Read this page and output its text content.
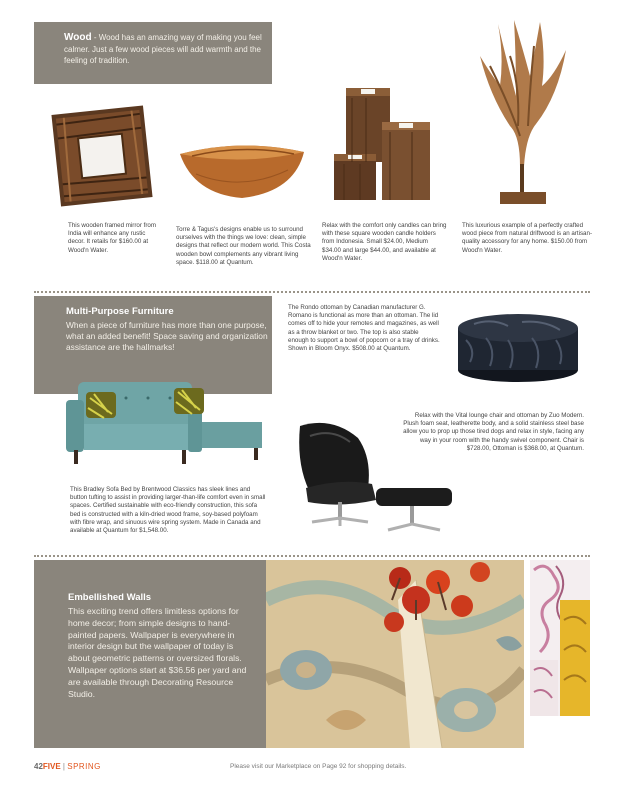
Wood - Wood has an amazing way of making you feel calmer. Just a few wood pieces will add warmth and the feeling of tradition.
This wooden framed mirror from India will enhance any rustic decor. It retails for $160.00 at Wood'n Water.
Torre & Tagus's designs enable us to surround ourselves with the things we love: clean, simple designs that reflect our modern world. This Costa wooden bowl complements any vibrant living space. $118.00 at Quantum.
Relax with the comfort only candles can bring with these square wooden candle holders from Indonesia. Small $24.00, Medium $34.00 and large $44.00, and available at Wood'n Water.
This luxurious example of a perfectly crafted wood piece from natural driftwood is an artisan-quality accessory for any home. $150.00 from Wood'n Water.
Multi-Purpose Furniture
When a piece of furniture has more than one purpose, what an added benefit! Space saving and organization assistance are the hallmarks!
The Rondo ottoman by Canadian manufacturer G. Romano is functional as more than an ottoman. The lid comes off to hide your remotes and magazines, as well as a throw blanket or two. The top is also stable enough to support a bowl of popcorn or a tray of drinks. Shown in Bloom Onyx. $508.00 at Quantum.
Relax with the Vital lounge chair and ottoman by Zuo Modern. Plush foam seat, leatherette body, and a solid stainless steel base allow you to prop up those tired dogs and relax in style, facing any way in your room with the handy swivel component. Chair is $728.00, Ottoman is $368.00, at Quantum.
This Bradley Sofa Bed by Brentwood Classics has sleek lines and button tufting to assist in providing larger-than-life comfort even in small spaces. Certified sustainable with eco-friendly construction, this sofa bed is constructed with a kiln-dried wood frame, soy-based polyfoam with fibre wrap, and sinuous wire spring system. Made in Canada and available at Quantum for $1,548.00.
Embellished Walls
This exciting trend offers limitless options for home decor; from simple designs to hand-painted papers. Wallpaper is everywhere in interior design but the wallpaper of today is about geometric patterns or oversized florals. Wallpaper options start at $36.56 per yard and are available through Decorating Resource Studio.
42FIVE | SPRING	Please visit our Marketplace on Page 92 for shopping details.
